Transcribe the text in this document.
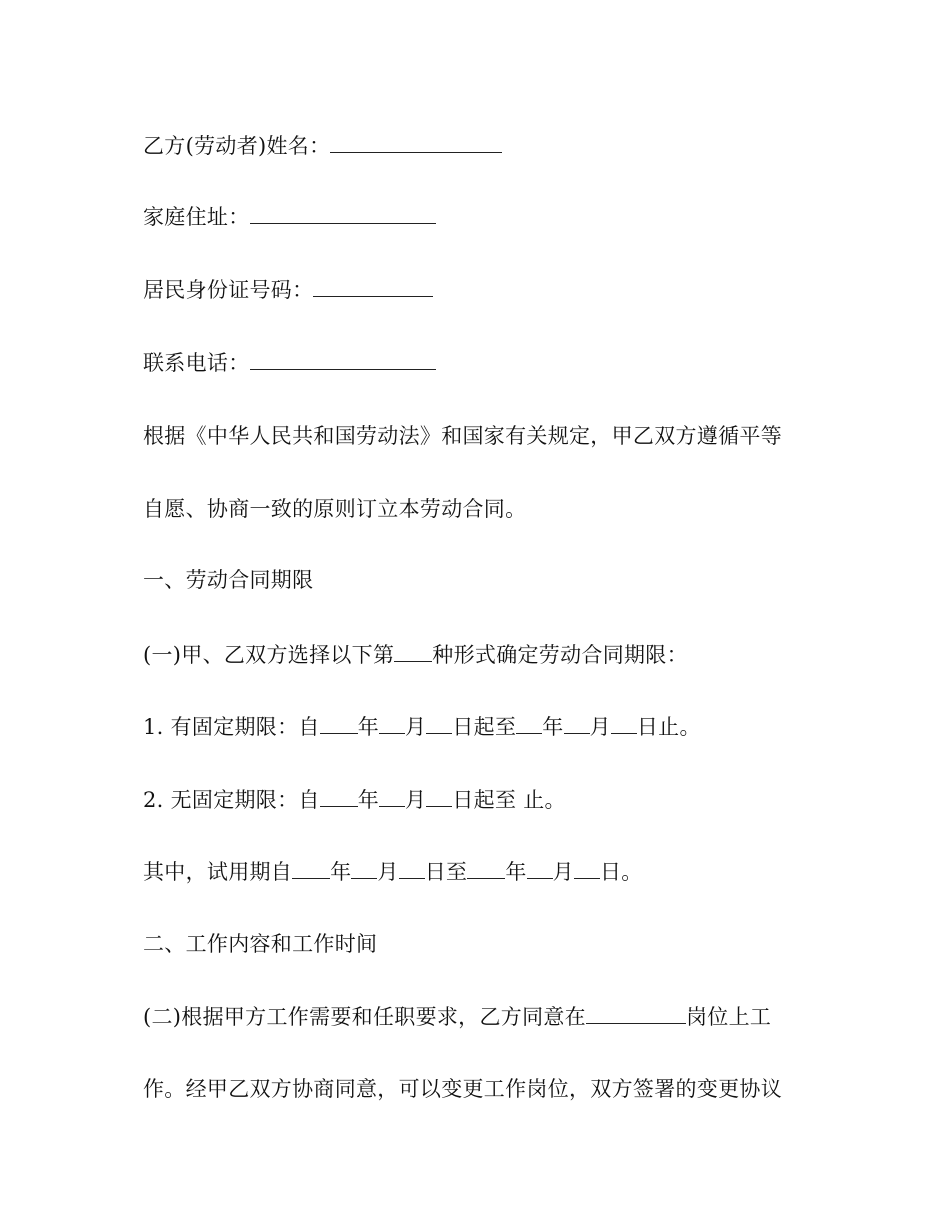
乙方(劳动者)姓名：
家庭住址：
居民身份证号码：
联系电话：
根据《中华人民共和国劳动法》和国家有关规定，甲乙双方遵循平等
自愿、协商一致的原则订立本劳动合同。
一、劳动合同期限
(一)甲、乙双方选择以下第 种形式确定劳动合同期限：
1. 有固定期限：自 年 月 日起至 年 月 日止。
2. 无固定期限：自 年 月 日起至 止。
其中，试用期自 年 月 日至 年 月 日。
二、工作内容和工作时间
(二)根据甲方工作需要和任职要求，乙方同意在	岗位上工
作。经甲乙双方协商同意，可以变更工作岗位，双方签署的变更协议
